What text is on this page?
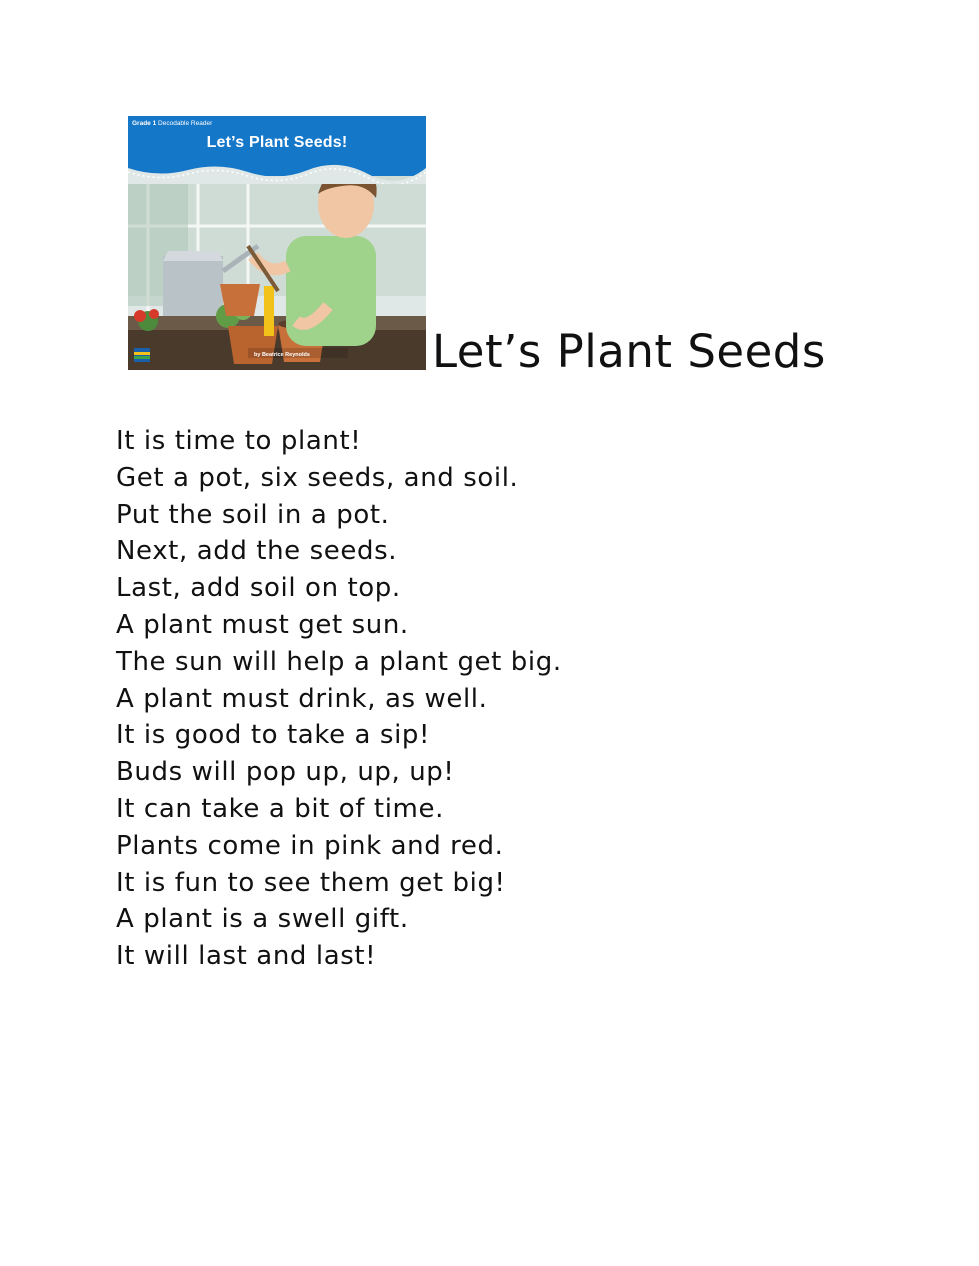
Grade 1 Decodable Reader
Let’s Plant Seeds!
by Beatrice Reynolds	Let’s Plant Seeds
It is time to plant!
Get a pot, six seeds, and soil.
Put the soil in a pot.
Next, add the seeds.
Last, add soil on top.
A plant must get sun.
The sun will help a plant get big.
A plant must drink, as well.
It is good to take a sip!
Buds will pop up, up, up!
It can take a bit of time.
Plants come in pink and red.
It is fun to see them get big!
A plant is a swell gift.
It will last and last!
